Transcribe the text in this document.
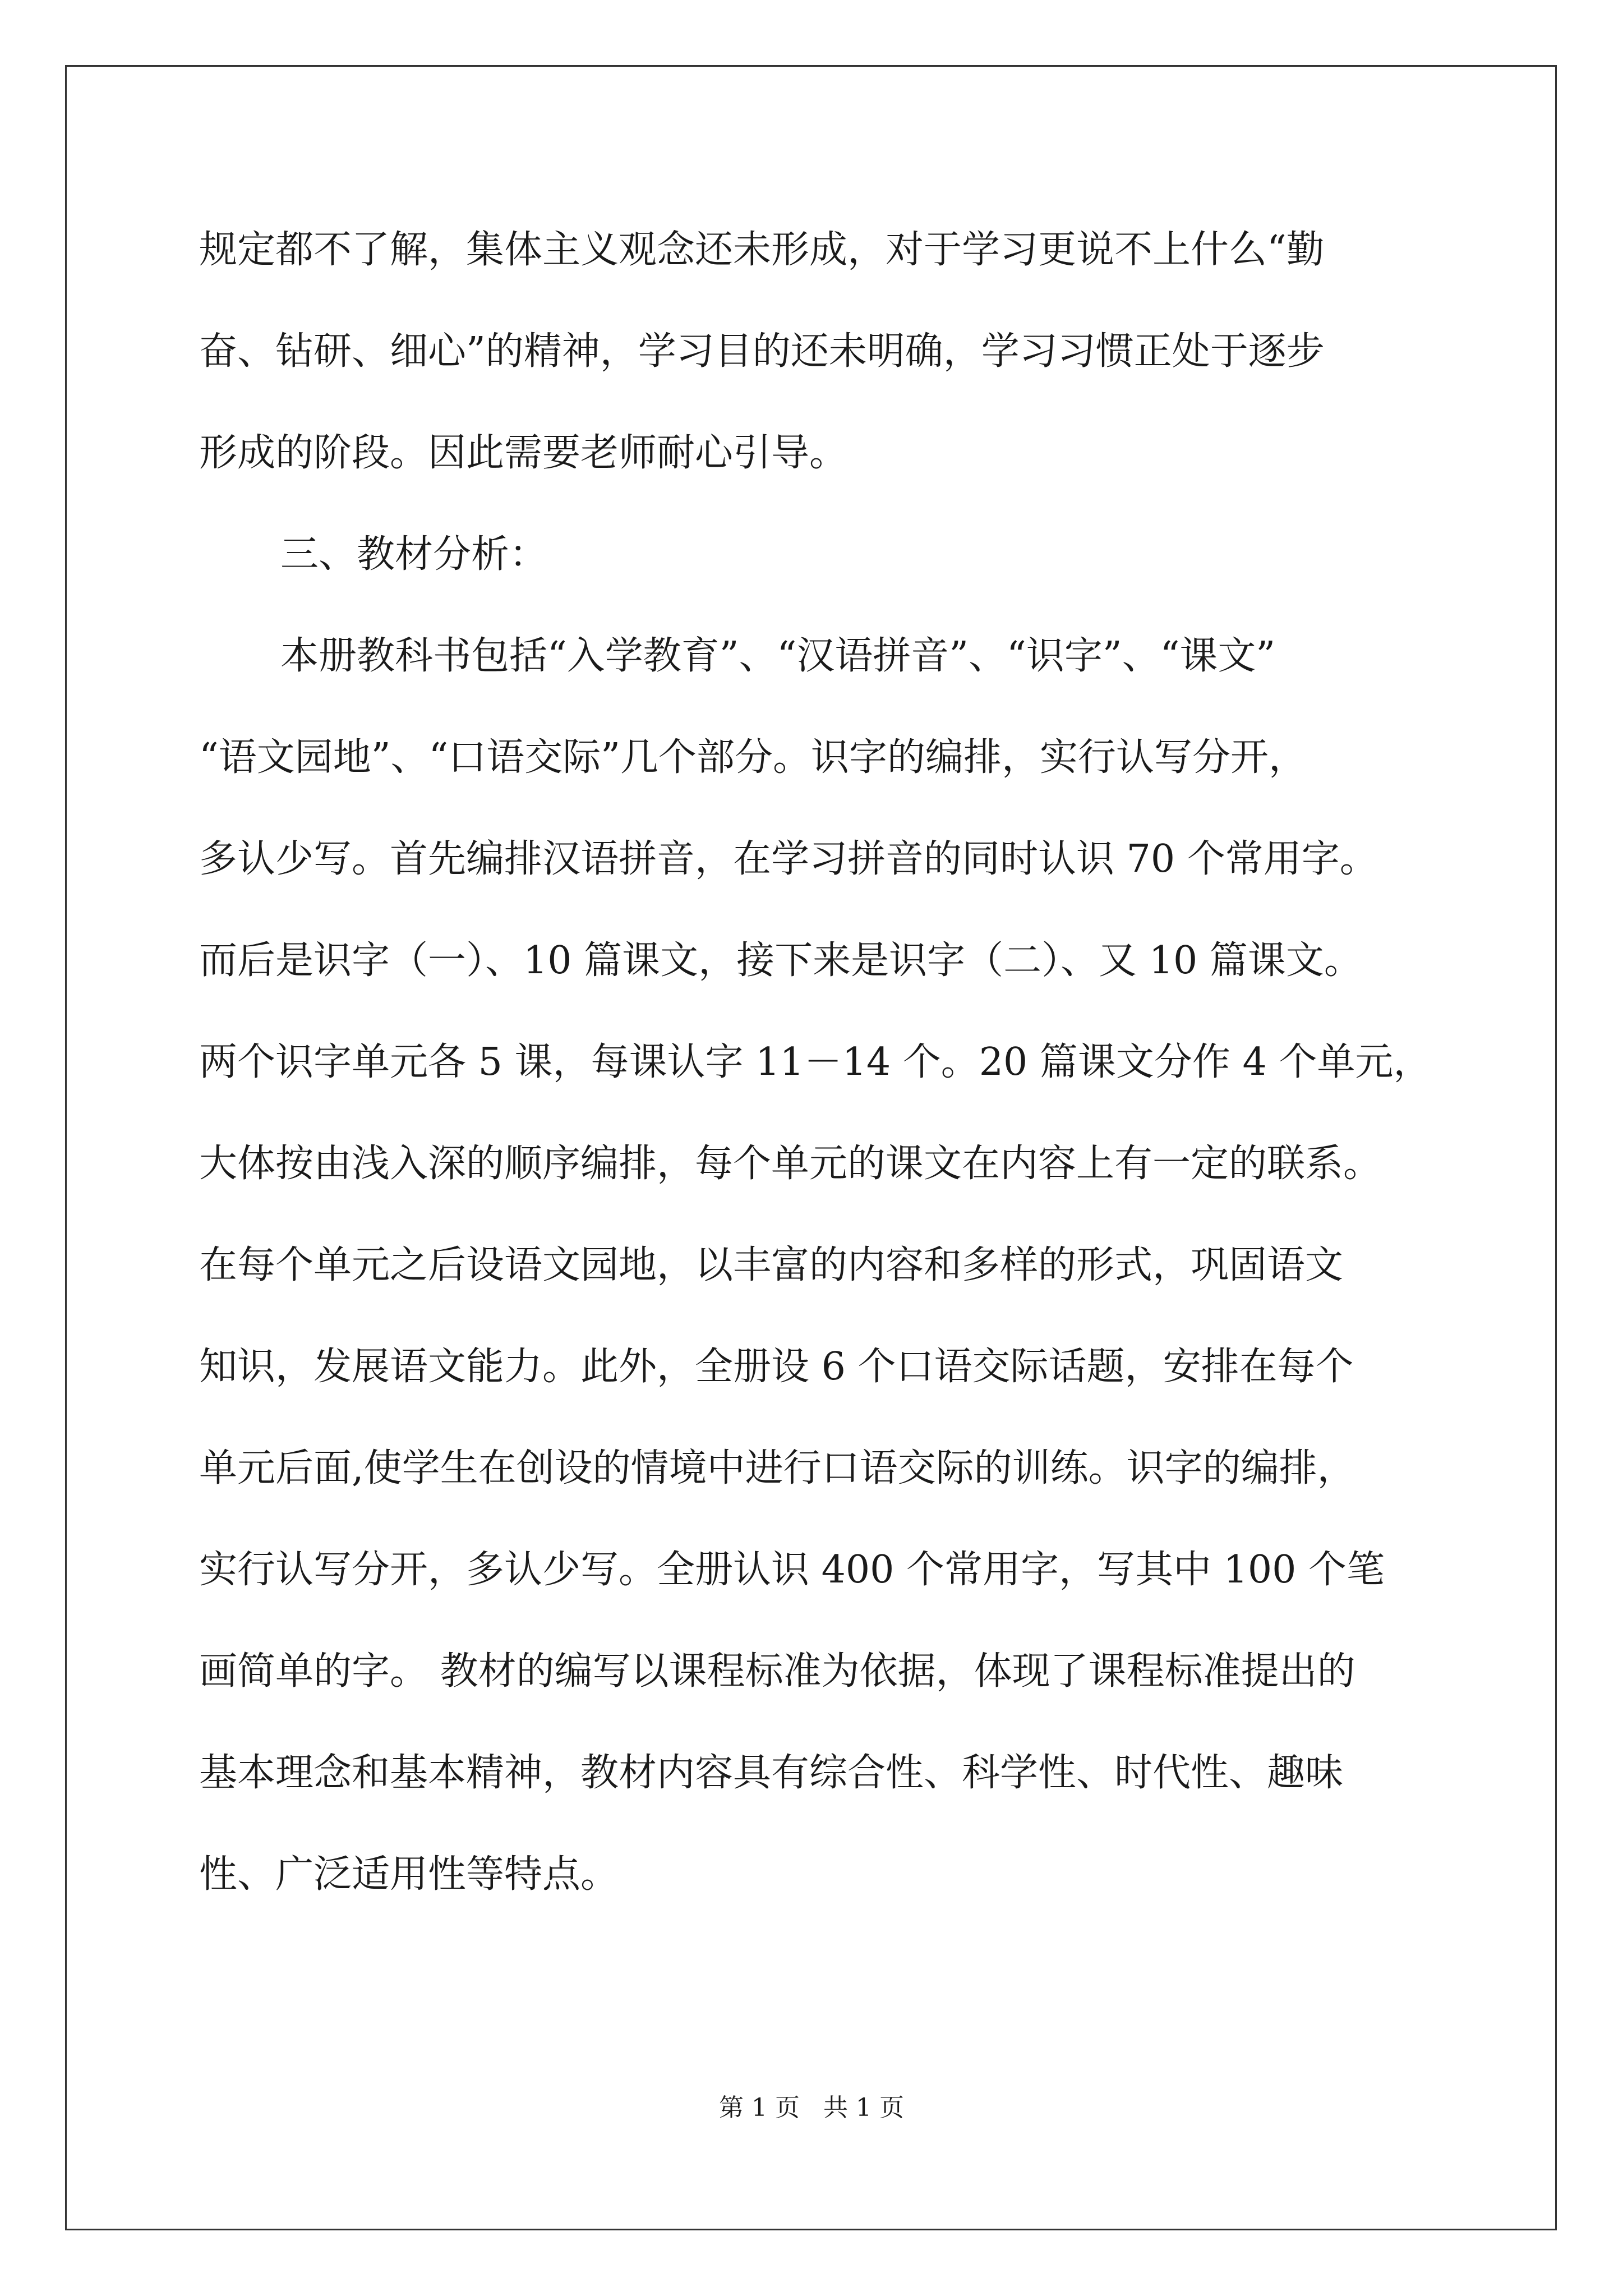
规定都不了解，集体主义观念还未形成，对于学习更说不上什么“勤

奋、钻研、细心”的精神，学习目的还未明确，学习习惯正处于逐步

形成的阶段。因此需要老师耐心引导。

三、教材分析：

本册教科书包括“入学教育”、“汉语拼音”、“识字”、“课文”

“语文园地”、“口语交际”几个部分。识字的编排，实行认写分开，

多认少写。首先编排汉语拼音，在学习拼音的同时认识 70 个常用字。

而后是识字（一）、10 篇课文，接下来是识字（二）、又 10 篇课文。

两个识字单元各 5 课，每课认字 11－14 个。20 篇课文分作 4 个单元，

大体按由浅入深的顺序编排，每个单元的课文在内容上有一定的联系。

在每个单元之后设语文园地，以丰富的内容和多样的形式，巩固语文

知识，发展语文能力。此外，全册设 6 个口语交际话题，安排在每个

单元后面,使学生在创设的情境中进行口语交际的训练。识字的编排，

实行认写分开，多认少写。全册认识 400 个常用字，写其中 100 个笔

画简单的字。 教材的编写以课程标准为依据，体现了课程标准提出的

基本理念和基本精神，教材内容具有综合性、科学性、时代性、趣味

性、广泛适用性等特点。

第 1 页   共 1 页
